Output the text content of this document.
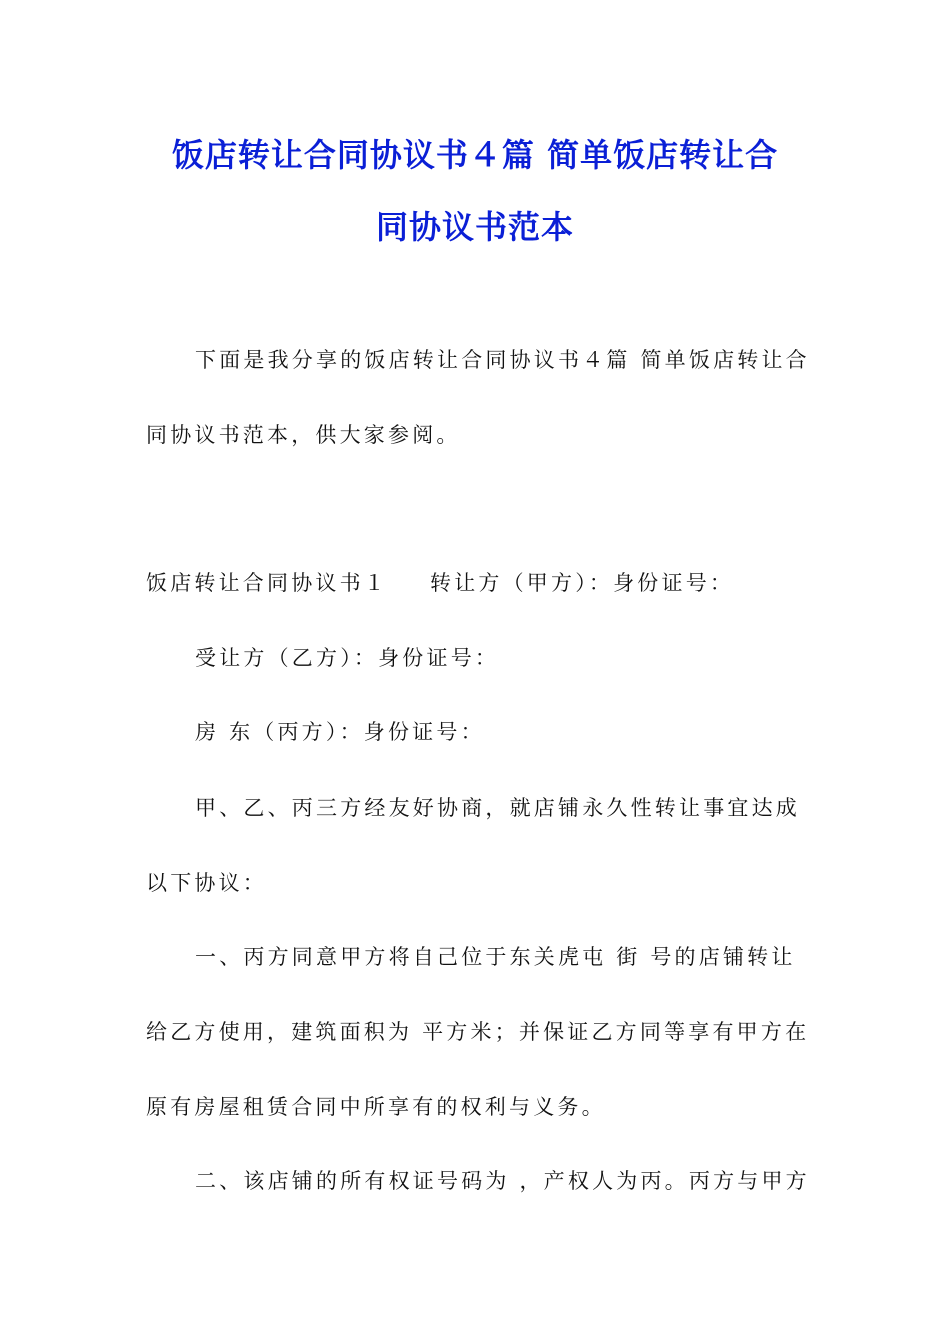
饭店转让合同协议书４篇 简单饭店转让合
同协议书范本
下面是我分享的饭店转让合同协议书４篇 简单饭店转让合
同协议书范本，供大家参阅。
饭店转让合同协议书１ 转让方（甲方）：身份证号：
受让方（乙方）：身份证号：
房 东（丙方）：身份证号：
甲、乙、丙三方经友好协商，就店铺永久性转让事宜达成
以下协议：
一、丙方同意甲方将自己位于东关虎屯 街 号的店铺转让
给乙方使用，建筑面积为 平方米；并保证乙方同等享有甲方在
原有房屋租赁合同中所享有的权利与义务。
二、该店铺的所有权证号码为 ，产权人为丙。丙方与甲方
